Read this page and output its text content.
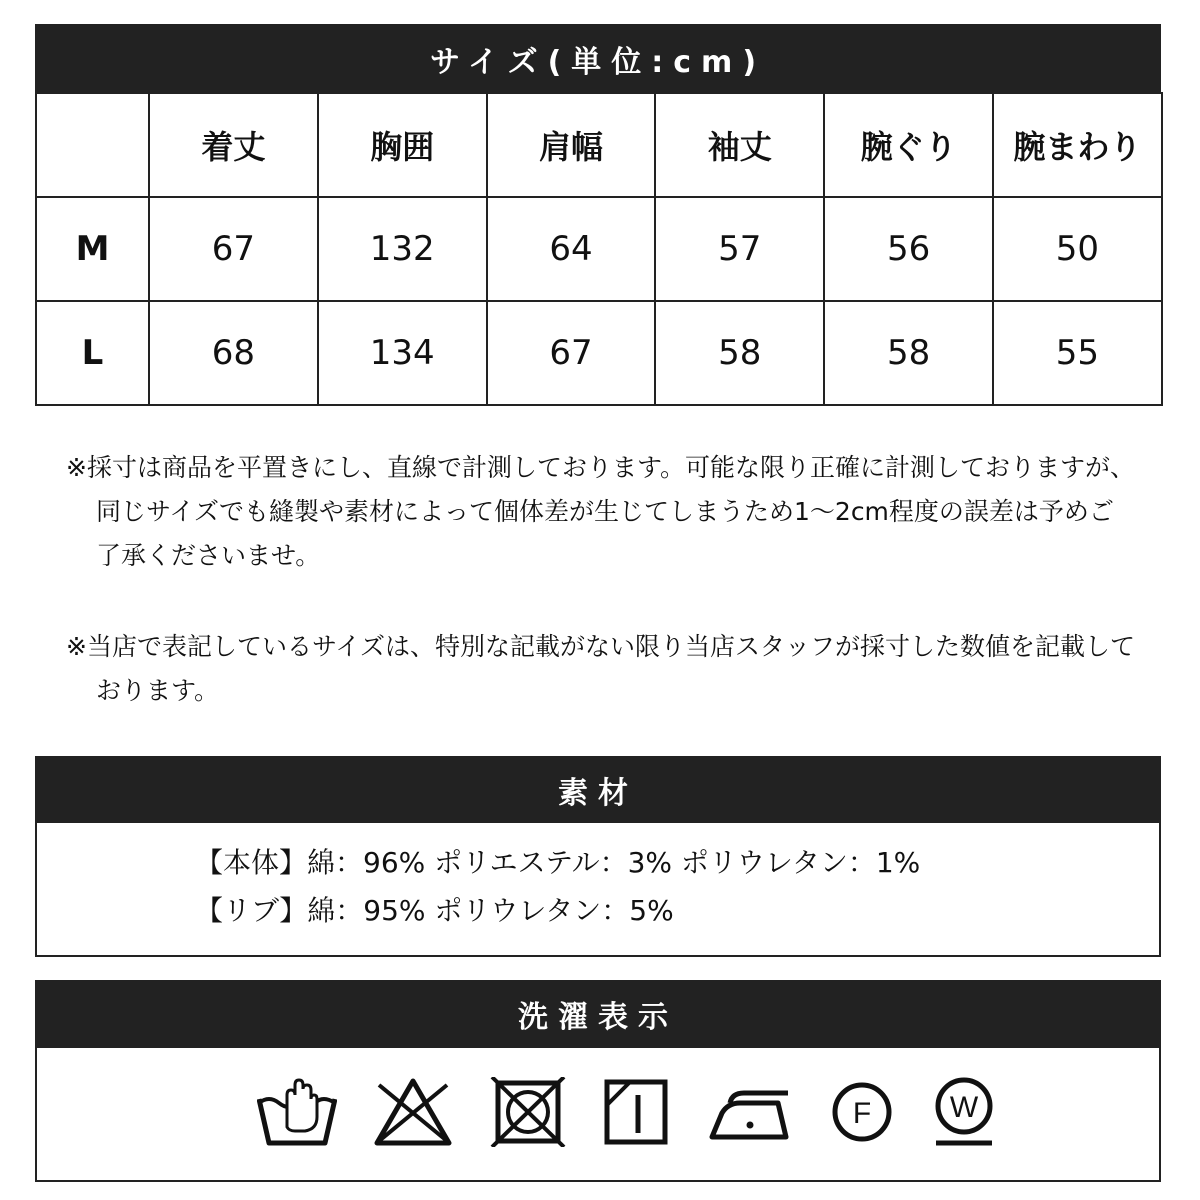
サイズ(単位:cm)
	着丈	胸囲	肩幅	袖丈	腕ぐり	腕まわり
M	67	132	64	57	56	50
L	68	134	67	58	58	55
※採寸は商品を平置きにし、直線で計測しております。可能な限り正確に計測しておりますが、同じサイズでも縫製や素材によって個体差が生じてしまうため1〜2cm程度の誤差は予めご了承くださいませ。
※当店で表記しているサイズは、特別な記載がない限り当店スタッフが採寸した数値を記載しております。
素材
【本体】綿：96% ポリエステル：3% ポリウレタン：1%
【リブ】綿：95% ポリウレタン：5%
洗濯表示
F	W
